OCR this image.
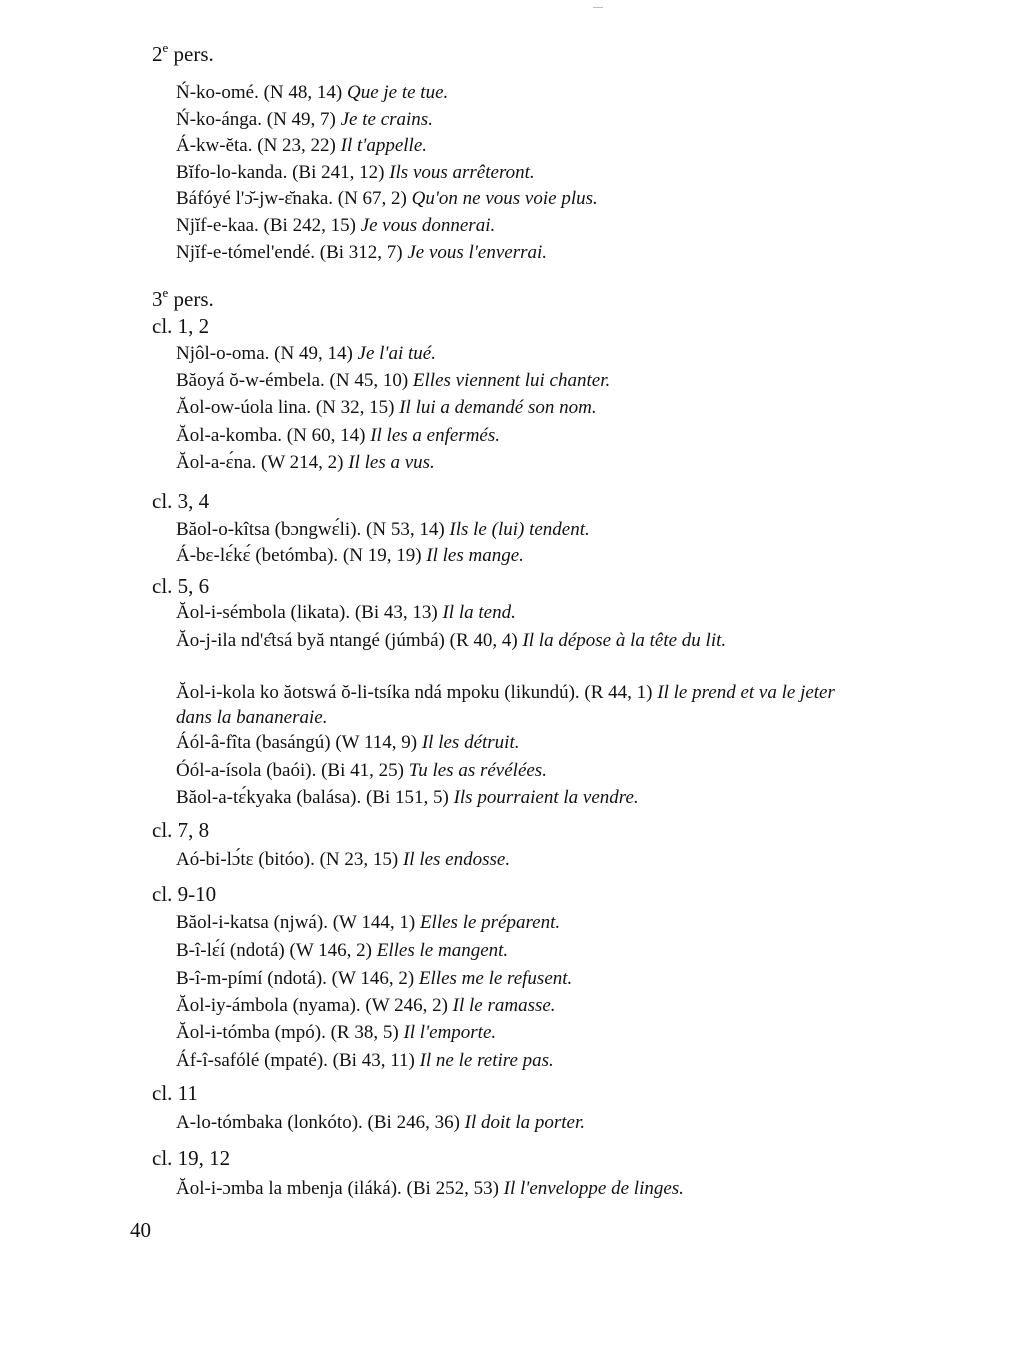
2e pers.
Ń-ko-omé. (N 48, 14) Que je te tue.
Ń-ko-ánga. (N 49, 7) Je te crains.
Á-kw-ĕta. (N 23, 22) Il t'appelle.
Bĭfo-lo-kanda. (Bi 241, 12) Ils vous arrêteront.
Báfóyé l'ɔ̆-jw-ɛ̆naka. (N 67, 2) Qu'on ne vous voie plus.
Njĭf-e-kaa. (Bi 242, 15) Je vous donnerai.
Njĭf-e-tómel'endé. (Bi 312, 7) Je vous l'enverrai.
3e pers.
cl. 1, 2
Njôl-o-oma. (N 49, 14) Je l'ai tué.
Băoyá ŏ-w-émbela. (N 45, 10) Elles viennent lui chanter.
Ăol-ow-úola lina. (N 32, 15) Il lui a demandé son nom.
Ăol-a-komba. (N 60, 14) Il les a enfermés.
Ăol-a-ɛ́na. (W 214, 2) Il les a vus.
cl. 3, 4
Băol-o-kîtsa (bɔngwɛ́li). (N 53, 14) Ils le (lui) tendent.
Á-bɛ-lɛ́kɛ́ (betómba). (N 19, 19) Il les mange.
cl. 5, 6
Ăol-i-sémbola (likata). (Bi 43, 13) Il la tend.
Ăo-j-ila nd'ɛ̂tsá byă ntangé (júmbá) (R 40, 4) Il la dépose à la tête du lit.
Ăol-i-kola ko ăotswá ŏ-li-tsíka ndá mpoku (likundú). (R 44, 1) Il le prend et va le jeter dans la bananeraie.
Áól-â-fîta (basángú) (W 114, 9) Il les détruit.
Óól-a-ísola (baói). (Bi 41, 25) Tu les as révélées.
Băol-a-tɛ́kyaka (balása). (Bi 151, 5) Ils pourraient la vendre.
cl. 7, 8
Aó-bi-lɔ́tɛ (bitóo). (N 23, 15) Il les endosse.
cl. 9-10
Băol-i-katsa (njwá). (W 144, 1) Elles le préparent.
B-î-lɛ́í (ndotá) (W 146, 2) Elles le mangent.
B-î-m-pímí (ndotá). (W 146, 2) Elles me le refusent.
Ăol-iy-ámbola (nyama). (W 246, 2) Il le ramasse.
Ăol-i-tómba (mpó). (R 38, 5) Il l'emporte.
Áf-î-safólé (mpaté). (Bi 43, 11) Il ne le retire pas.
cl. 11
A-lo-tómbaka (lonkóto). (Bi 246, 36) Il doit la porter.
cl. 19, 12
Ăol-i-ɔmba la mbenja (iláká). (Bi 252, 53) Il l'enveloppe de linges.
40
